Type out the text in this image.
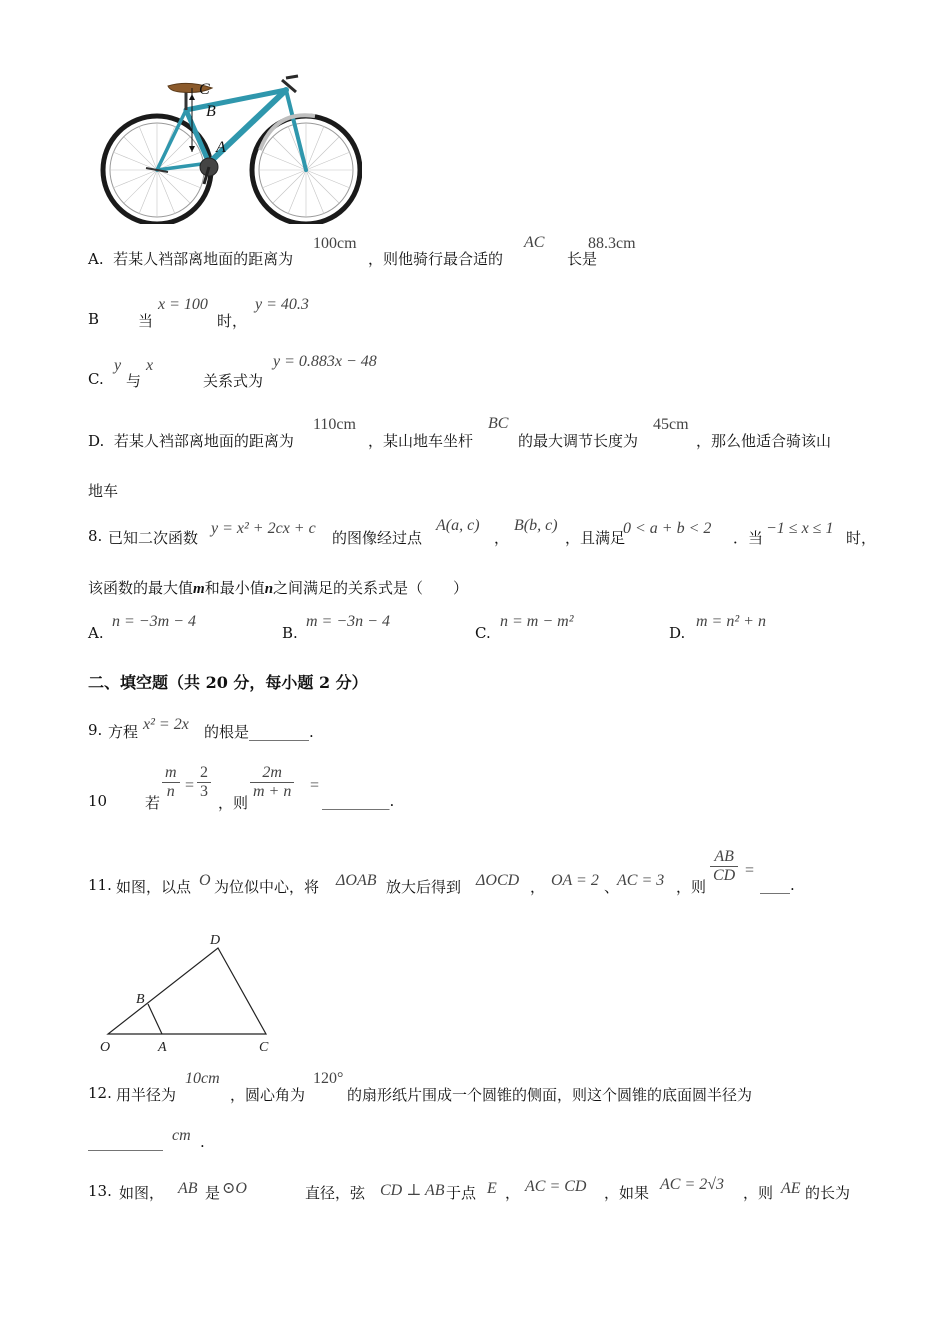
C
B
A
A. 若某人裆部离地面的距离为
100cm
，则他骑行最合适的
AC
长是
88.3cm
B	当
x = 100
时，
y = 40.3
C.
y
与
x
关系式为
y = 0.883x − 48
D. 若某人裆部离地面的距离为
110cm
，某山地车坐杆
BC
的最大调节长度为
45cm
，那么他适合骑该山
地车
8. 已知二次函数
y = x² + 2cx + c
的图像经过点
A(a, c)
，
B(b, c)
，且满足
0 < a + b < 2
．当
−1 ≤ x ≤ 1
时，
该函数的最大值m和最小值n之间满足的关系式是（　　）
A.
n = −3m − 4
B.
m = −3n − 4
C.
n = m − m²
D.
m = n² + n
二、填空题（共 20 分，每小题 2 分）
9. 方程 x² = 2x 的根是________.
10	若
$\frac{m}{n} = \frac{2}{3}$
，则
$\frac{2m}{m + n}$ =
_________.
11. 如图，以点 O 为位似中心，将 ΔOAB 放大后得到 ΔOCD ， OA = 2 、
AC = 3 ，则
$\frac{AB}{CD}$ =
____.
D
B
O	A	C
12. 用半径为
10cm
，圆心角为
120°
的扇形纸片围成一个圆锥的侧面，则这个圆锥的底面圆半径为
__________ cm .
13. 如图， AB 是 ⊙O	直径，弦 CD ⊥ AB 于点 E ， AC = CD ，如果 AC = 2√3 ，则 AE 的长为
